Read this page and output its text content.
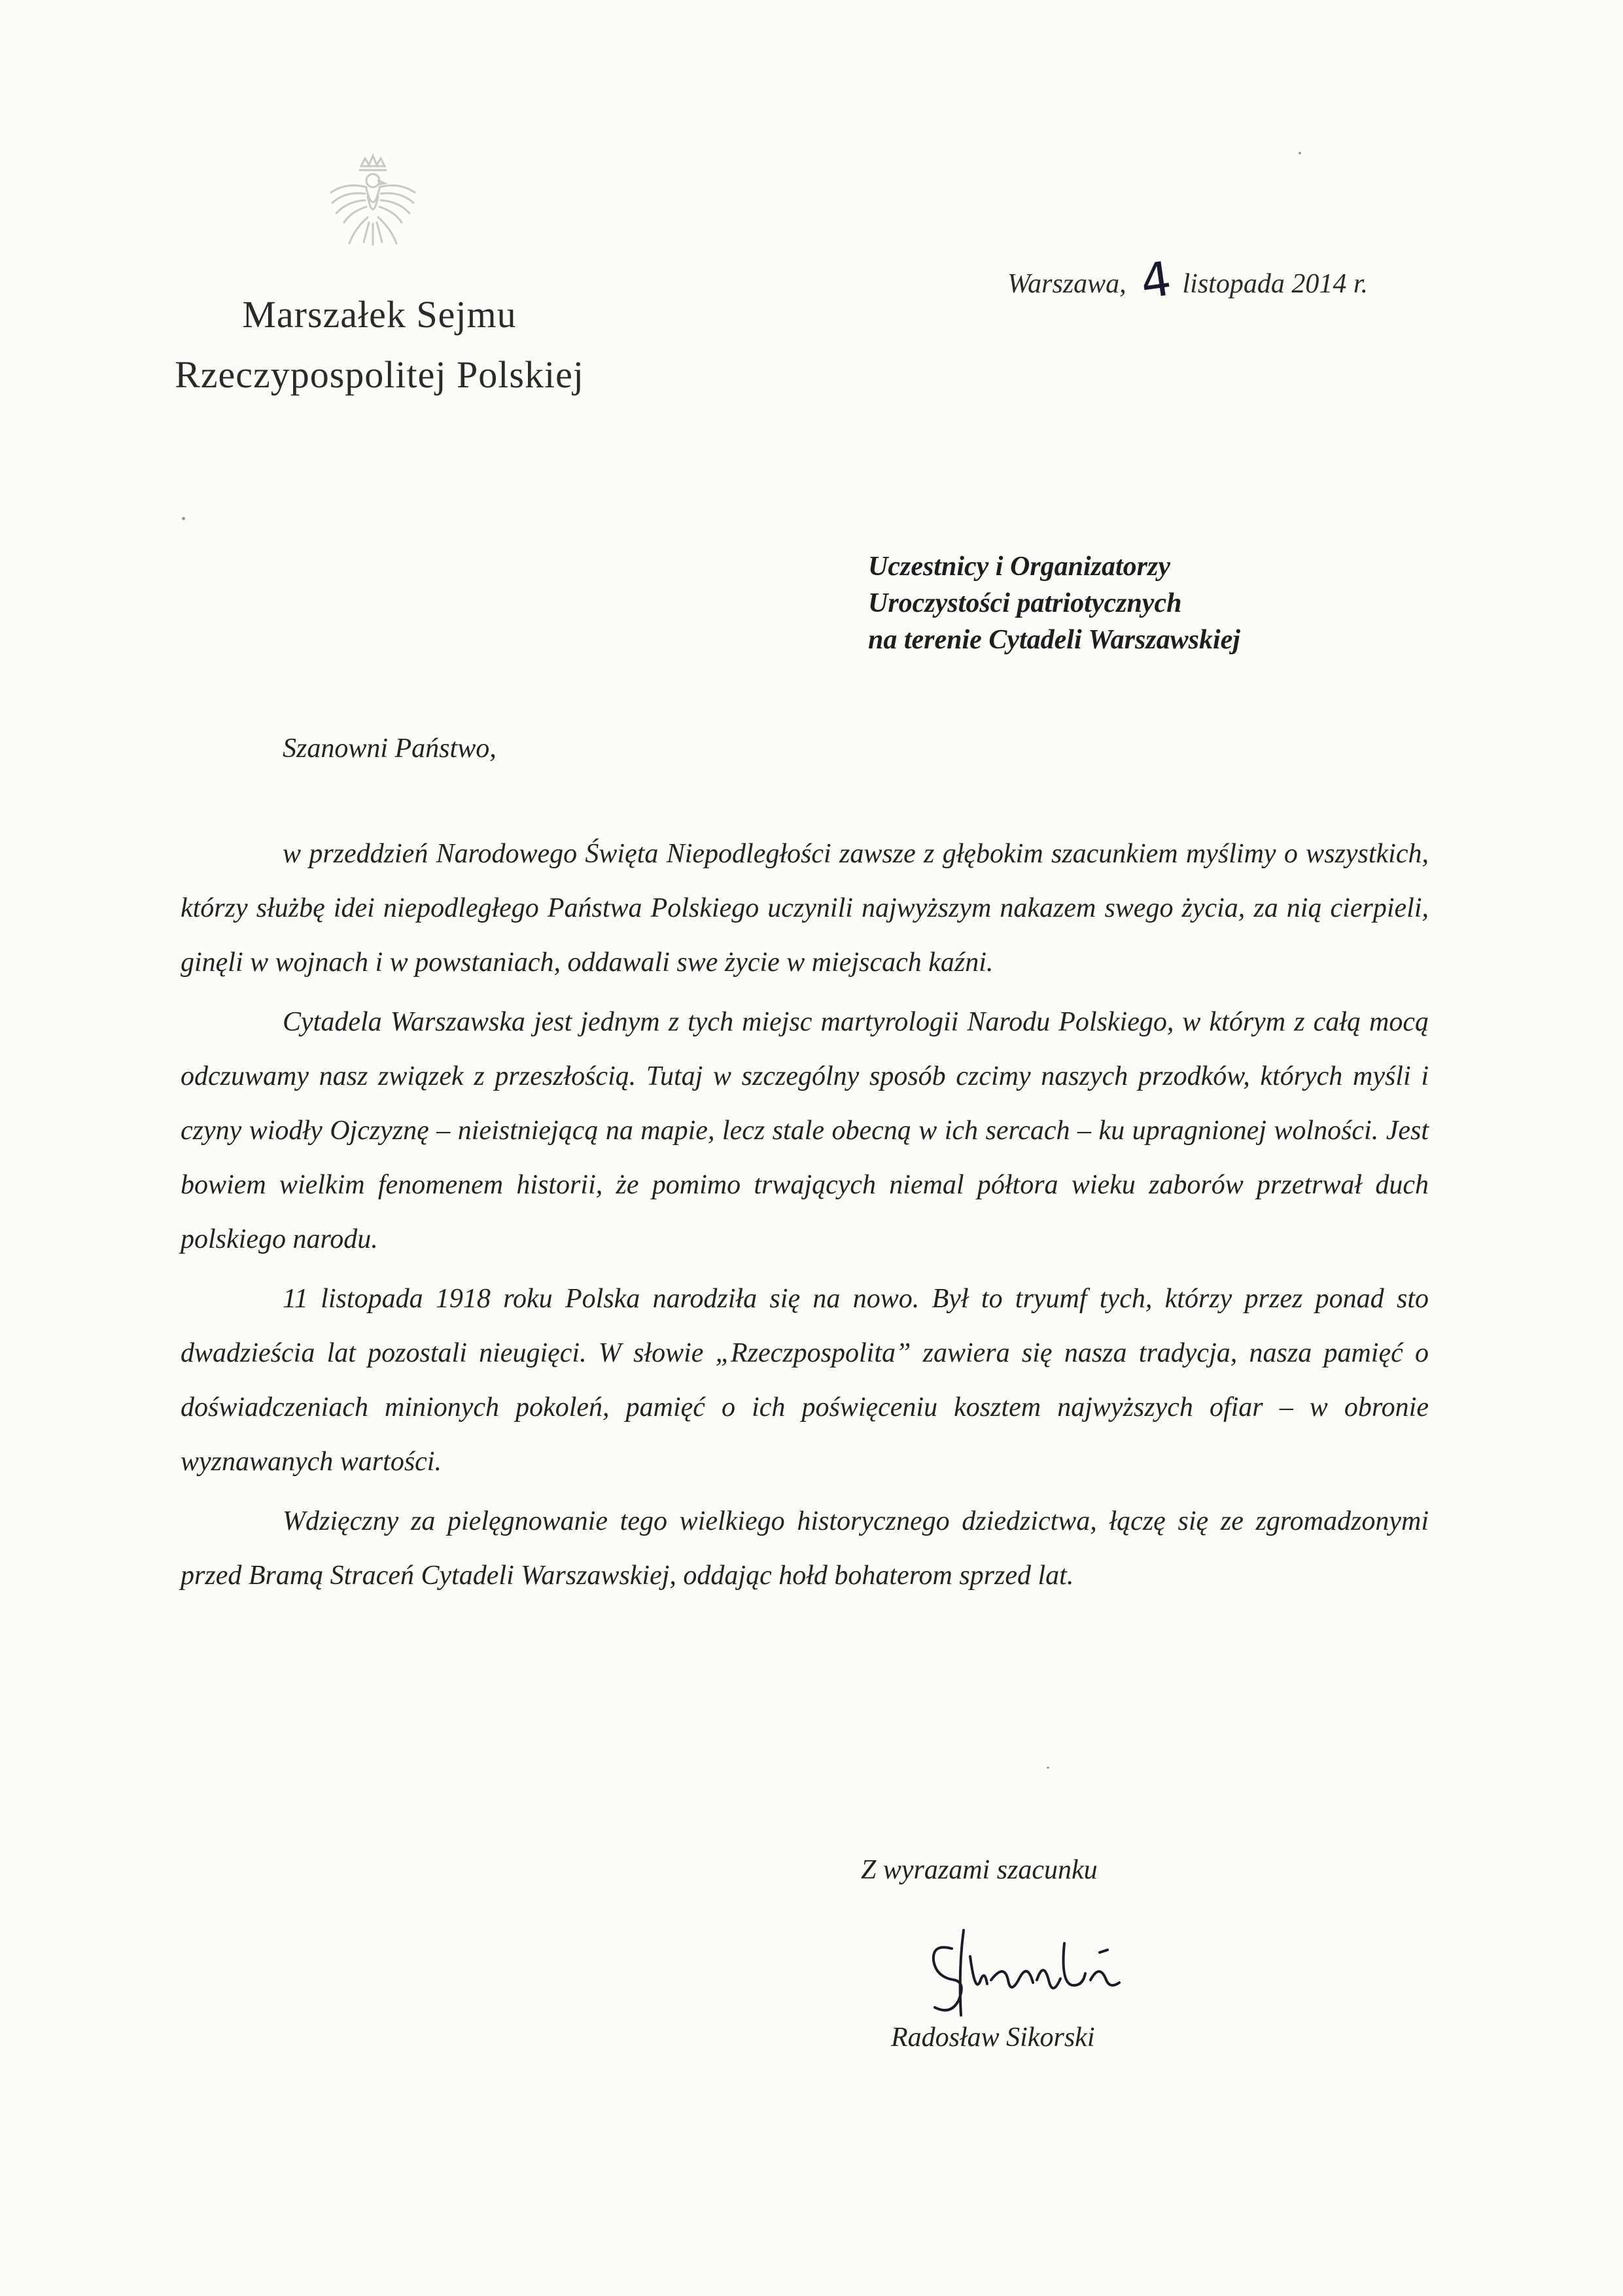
Marszałek Sejmu
Rzeczypospolitej Polskiej
Warszawa, 4 listopada 2014 r.
Uczestnicy i Organizatorzy
Uroczystości patriotycznych
na terenie Cytadeli Warszawskiej
Szanowni Państwo,

w przeddzień Narodowego Święta Niepodległości zawsze z głębokim szacunkiem myślimy o wszystkich, którzy służbę idei niepodległego Państwa Polskiego uczynili najwyższym nakazem swego życia, za nią cierpieli, ginęli w wojnach i w powstaniach, oddawali swe życie w miejscach kaźni.

Cytadela Warszawska jest jednym z tych miejsc martyrologii Narodu Polskiego, w którym z całą mocą odczuwamy nasz związek z przeszłością. Tutaj w szczególny sposób czcimy naszych przodków, których myśli i czyny wiodły Ojczyznę – nieistniejącą na mapie, lecz stale obecną w ich sercach – ku upragnionej wolności. Jest bowiem wielkim fenomenem historii, że pomimo trwających niemal półtora wieku zaborów przetrwał duch polskiego narodu.

11 listopada 1918 roku Polska narodziła się na nowo. Był to tryumf tych, którzy przez ponad sto dwadzieścia lat pozostali nieugięci. W słowie „Rzeczpospolita” zawiera się nasza tradycja, nasza pamięć o doświadczeniach minionych pokoleń, pamięć o ich poświęceniu kosztem najwyższych ofiar – w obronie wyznawanych wartości.

Wdzięczny za pielęgnowanie tego wielkiego historycznego dziedzictwa, łączę się ze zgromadzonymi przed Bramą Straceń Cytadeli Warszawskiej, oddając hołd bohaterom sprzed lat.

Z wyrazami szacunku
Radosław Sikorski
